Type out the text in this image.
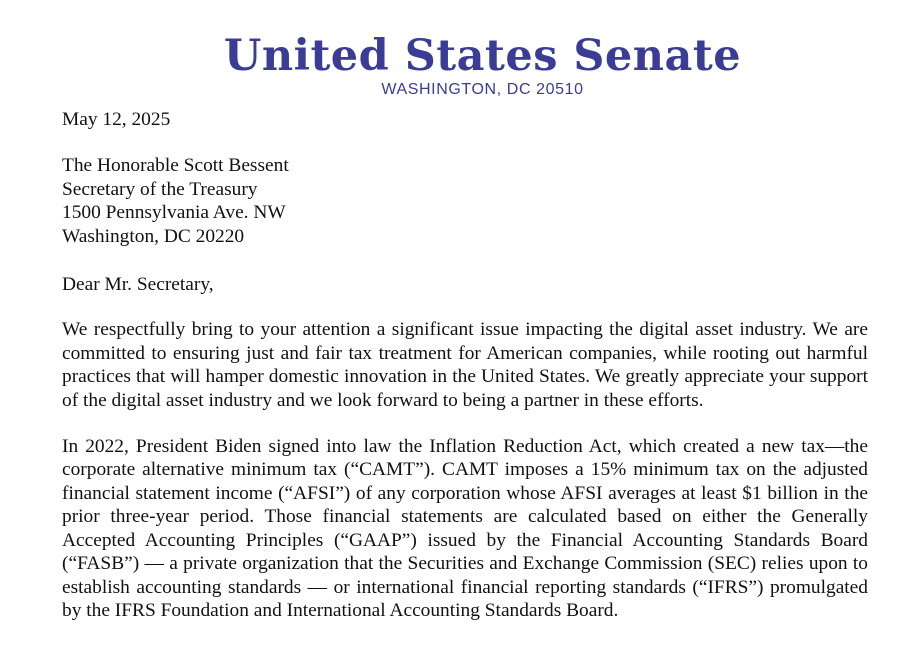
United States Senate
WASHINGTON, DC 20510

May 12, 2025

The Honorable Scott Bessent
Secretary of the Treasury
1500 Pennsylvania Ave. NW
Washington, DC 20220

Dear Mr. Secretary,

We respectfully bring to your attention a significant issue impacting the digital asset industry. We are committed to ensuring just and fair tax treatment for American companies, while rooting out harmful practices that will hamper domestic innovation in the United States. We greatly appreciate your support of the digital asset industry and we look forward to being a partner in these efforts.

In 2022, President Biden signed into law the Inflation Reduction Act, which created a new tax—the corporate alternative minimum tax (“CAMT”). CAMT imposes a 15% minimum tax on the adjusted financial statement income (“AFSI”) of any corporation whose AFSI averages at least $1 billion in the prior three-year period. Those financial statements are calculated based on either the Generally Accepted Accounting Principles (“GAAP”) issued by the Financial Accounting Standards Board (“FASB”) — a private organization that the Securities and Exchange Commission (SEC) relies upon to establish accounting standards — or international financial reporting standards (“IFRS”) promulgated by the IFRS Foundation and International Accounting Standards Board.
